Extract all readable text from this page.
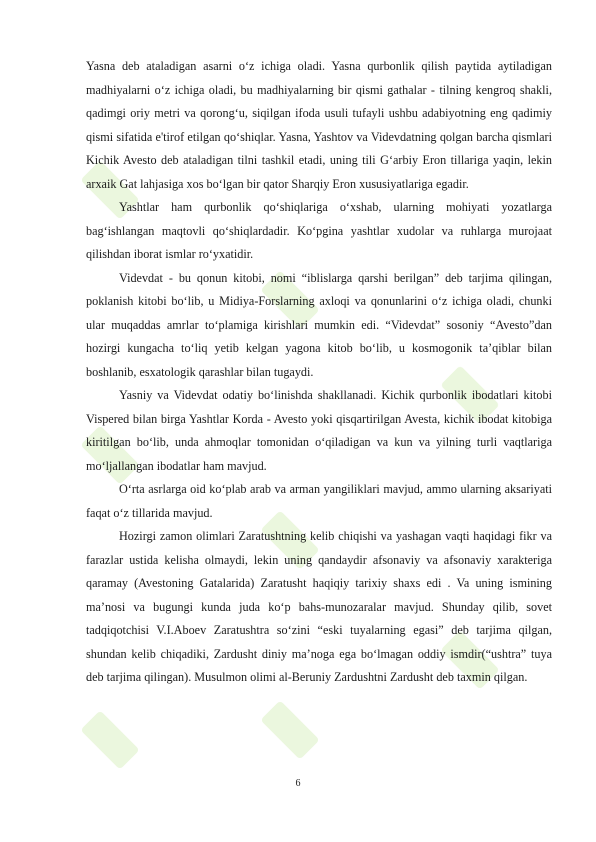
Yasna deb ataladigan asarni o‘z ichiga oladi. Yasna qurbonlik qilish paytida aytiladigan madhiyalarni o‘z ichiga oladi, bu madhiyalarning bir qismi gathalar - tilning kengroq shakli, qadimgi oriy metri va qorong‘u, siqilgan ifoda usuli tufayli ushbu adabiyotning eng qadimiy qismi sifatida e'tirof etilgan qo‘shiqlar. Yasna, Yashtov va Videvdatning qolgan barcha qismlari Kichik Avesto deb ataladigan tilni tashkil etadi, uning tili G‘arbiy Eron tillariga yaqin, lekin arxaik Gat lahjasiga xos bo‘lgan bir qator Sharqiy Eron xususiyatlariga egadir.

Yashtlar ham qurbonlik qo‘shiqlariga o‘xshab, ularning mohiyati yozatlarga bag‘ishlangan maqtovli qo‘shiqlardadir. Ko‘pgina yashtlar xudolar va ruhlarga murojaat qilishdan iborat ismlar ro‘yxatidir.

Videvdat - bu qonun kitobi, nomi “iblislarga qarshi berilgan” deb tarjima qilingan, poklanish kitobi bo‘lib, u Midiya-Forslarning axloqi va qonunlarini o‘z ichiga oladi, chunki ular muqaddas amrlar to‘plamiga kirishlari mumkin edi. “Videvdat” sosoniy “Avesto”dan hozirgi kungacha to‘liq yetib kelgan yagona kitob bo‘lib, u kosmogonik ta’qiblar bilan boshlanib, esxatologik qarashlar bilan tugaydi.

Yasniy va Videvdat odatiy bo‘linishda shakllanadi. Kichik qurbonlik ibodatlari kitobi Vispered bilan birga Yashtlar Korda - Avesto yoki qisqartirilgan Avesta, kichik ibodat kitobiga kiritilgan bo‘lib, unda ahmoqlar tomonidan o‘qiladigan va kun va yilning turli vaqtlariga mo‘ljallangan ibodatlar ham mavjud.

O‘rta asrlarga oid ko‘plab arab va arman yangiliklari mavjud, ammo ularning aksariyati faqat o‘z tillarida mavjud.

Hozirgi zamon olimlari Zaratushtning kelib chiqishi va yashagan vaqti haqidagi fikr va farazlar ustida kelisha olmaydi, lekin uning qandaydir afsonaviy va afsonaviy xarakteriga qaramay (Avestoning Gatalarida) Zaratusht haqiqiy tarixiy shaxs edi . Va uning ismining ma’nosi va bugungi kunda juda ko‘p bahs-munozaralar mavjud. Shunday qilib, sovet tadqiqotchisi V.I.Aboev Zaratushtra so‘zini “eski tuyalarning egasi” deb tarjima qilgan, shundan kelib chiqadiki, Zardusht diniy ma’noga ega bo‘lmagan oddiy ismdir(“ushtra” tuya deb tarjima qilingan). Musulmon olimi al-Beruniy Zardushtni Zardusht deb taxmin qilgan.

6
